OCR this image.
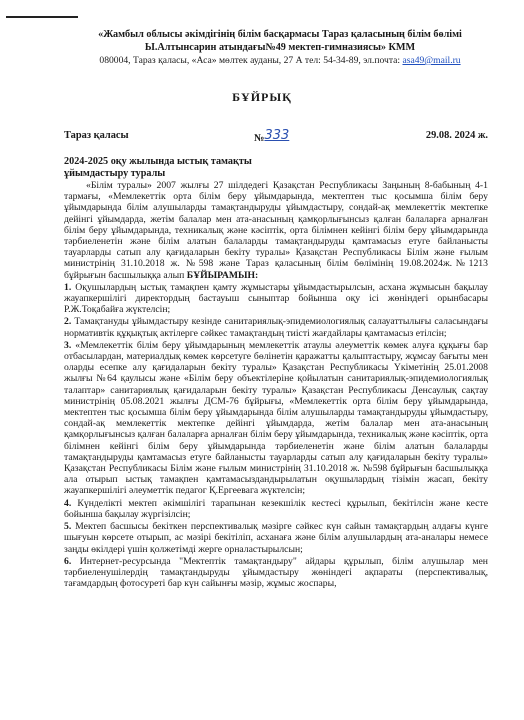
«Жамбыл облысы әкімдігінің білім басқармасы Тараз қаласының білім бөлімі
Ы.Алтынсарин атындағы№49 мектеп-гимназиясы» КММ
080004, Тараз қаласы, «Аса» мөлтек ауданы, 27 А тел: 54-34-89, эл.почта: asa49@mail.ru
БҰЙРЫҚ
Тараз қаласы	№333	29.08. 2024 ж.
2024-2025 оқу жылында ыстық тамақты
ұйымдастыру туралы

«Білім туралы» 2007 жылғы 27 шілдедегі Қазақстан Республикасы Заңының 8-бабының 4-1 тармағы, «Мемлекеттік орта білім беру ұйымдарында, мектептен тыс қосымша білім беру ұйымдарында білім алушыларды тамақтандыруды ұйымдастыру, сондай-ақ мемлекеттік мектепке дейінгі ұйымдарда, жетім балалар мен ата-анасының қамқорлығынсыз қалған балаларға арналған білім беру ұйымдарында, техникалық және кәсіптік, орта білімнен кейінгі білім беру ұйымдарында тәрбиеленетін және білім алатын балаларды тамақтандыруды қамтамасыз етуге байланысты тауарларды сатып алу қағидаларын бекіту туралы» Қазақстан Республикасы Білім және ғылым министрінің 31.10.2018 ж. №598 және Тараз қаласының білім бөлімінің 19.08.2024ж.№1213 бұйрығын басшылыққа алып БҰЙЫРАМЫН:

1. Оқушылардың ыстық тамақпен қамту жұмыстары ұйымдастырылсын, асхана жұмысын бақылау жауапкершілігі директордың бастауыш сыныптар бойынша оқу ісі жөніндегі орынбасары Р.Ж.Тоқабайға жүктелсін;

2. Тамақтануды ұйымдастыру кезінде санитариялық-эпидемиологиялық салауаттылығы саласындағы нормативтік құқықтық актілерге сәйкес тамақтандың тиісті жағдайлары қамтамасыз етілсін;

3. «Мемлекеттік білім беру ұйымдарының мемлекеттік атаулы әлеуметтік көмек алуға құқығы бар отбасылардан, материалдық көмек көрсетуге бөлінетін қаражатты қалыптастыру, жұмсау бағыты мен оларды есепке алу қағидаларын бекіту туралы» Қазақстан Республикасы Үкіметінің 25.01.2008 жылғы №64 қаулысы және «Білім беру объектілеріне қойылатын санитариялық-эпидемиологиялық талаптар» санитариялық қағидаларын бекіту туралы» Қазақстан Республикасы Денсаулық сақтау министрінің 05.08.2021 жылғы ДСМ-76 бұйрығы, «Мемлекеттік орта білім беру ұйымдарында, мектептен тыс қосымша білім беру ұйымдарында білім алушыларды тамақтандыруды ұйымдастыру, сондай-ақ мемлекеттік мектепке дейінгі ұйымдарда, жетім балалар мен ата-анасының қамқорлығынсыз қалған балаларға арналған білім беру ұйымдарында, техникалық және кәсіптік, орта білімнен кейінгі білім беру ұйымдарында тәрбиеленетін және білім алатын балаларды тамақтандыруды қамтамасыз етуге байланысты тауарларды сатып алу қағидаларын бекіту туралы» Қазақстан Республикасы Білім және ғылым министрінің 31.10.2018 ж. №598 бұйрығын басшылыққа ала отырып ыстық тамақпен қамтамасыздандырылатын оқушылардың тізімін жасап, бекіту жауапкершілігі әлеуметтік педагог Қ.Ергеевага жүктелсін;

4. Күнделікті мектеп әкімшілігі тарапынан кезекшілік кестесі құрылып, бекітілсін және кесте бойынша бақылау жүргізілсін;

5. Мектеп басшысы бекіткен перспективалық мәзірге сәйкес күн сайын тамақтардың алдағы күнге шығуын көрсете отырып, ас мәзірі бекітіліп, асханаға және білім алушылардың ата-аналары немесе заңды өкілдері үшін қолжетімді жерге орналастырылсын;

6. Интернет-ресурсында "Мектептік тамақтандыру" айдары құрылып, білім алушылар мен тәрбиеленушілердің тамақтандыруды ұйымдастыру жөніндегі ақпараты (перспективалық, тағамдардың фотосуреті бар күн сайынғы мәзір, жұмыс жоспары,
